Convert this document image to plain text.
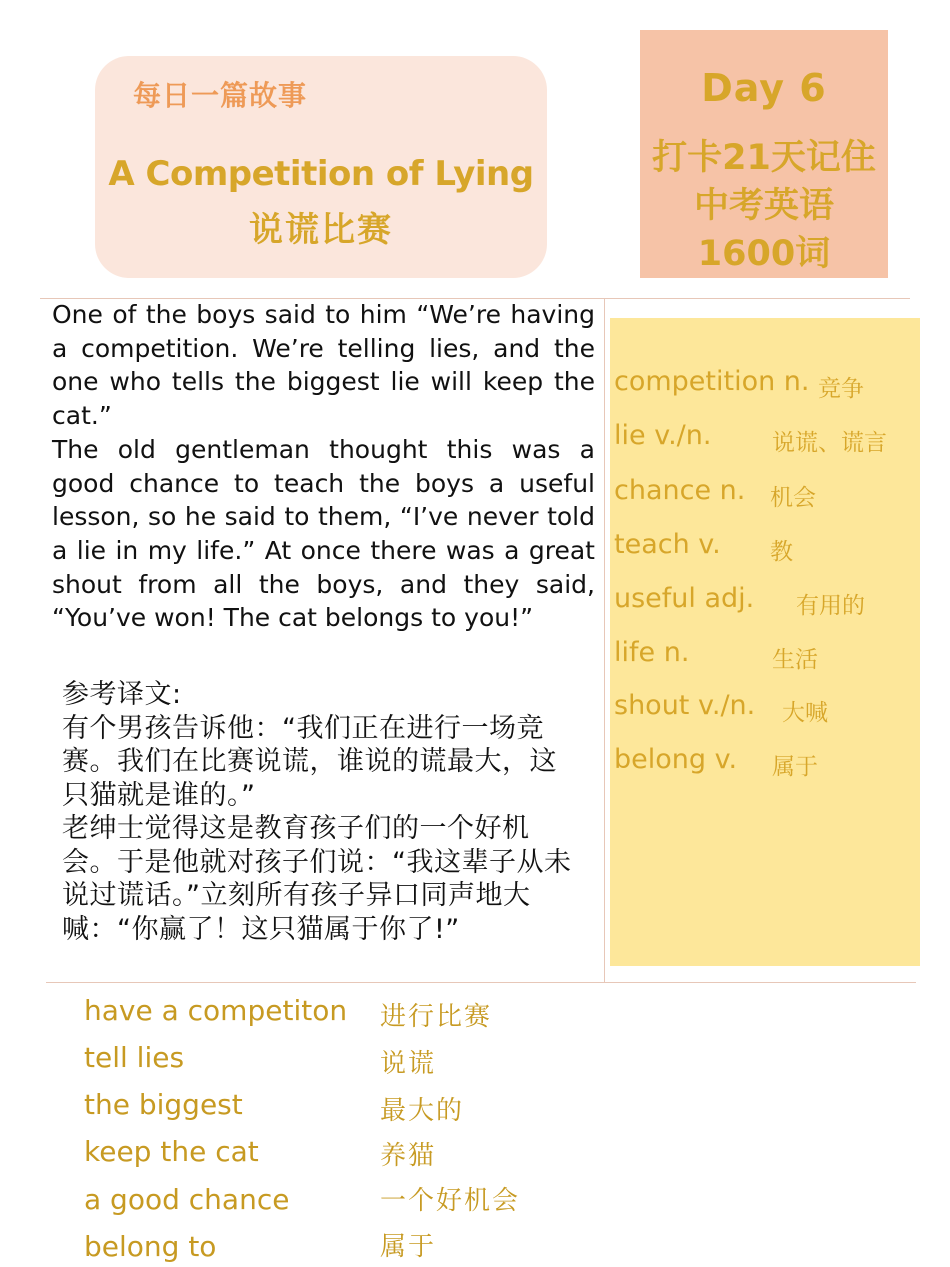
每日一篇故事
A Competition of Lying
说谎比赛
Day 6
打卡21天记住
中考英语
1600词

One of the boys said to him “We’re having a competition. We’re telling lies, and the one who tells the biggest lie will keep the cat.”

The old gentleman thought this was a good chance to teach the boys a useful lesson, so he said to them, “I’ve never told a lie in my life.” At once there was a great shout from all the boys, and they said, “You’ve won! The cat belongs to you!”

参考译文:

有个男孩告诉他：“我们正在进行一场竞赛。我们在比赛说谎，谁说的谎最大，这只猫就是谁的。”

老绅士觉得这是教育孩子们的一个好机会。于是他就对孩子们说：“我这辈子从未说过谎话。”立刻所有孩子异口同声地大喊：“你赢了！这只猫属于你了!”

competition n. 竞争
lie v./n.	说谎、谎言
chance n. 机会
teach v. 教
useful adj. 有用的
life n.	生活
shout v./n. 大喊
belong v. 属于
have a competiton 进行比赛
tell lies	说谎
the biggest	最大的
keep the cat	养猫
a good chance	一个好机会
belong to	属于
